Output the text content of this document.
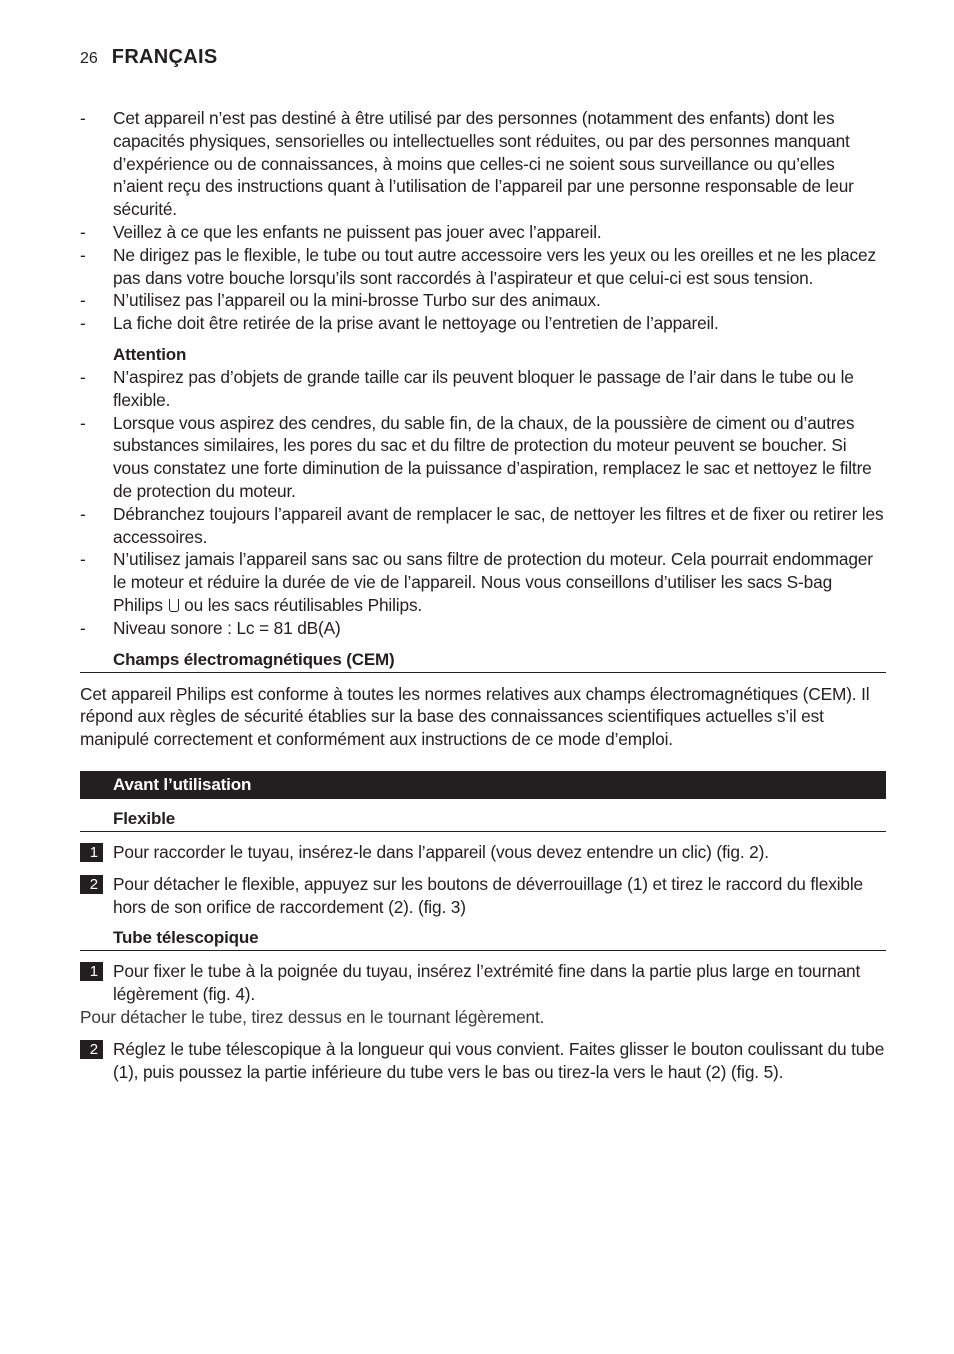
26 FRANÇAIS
- Cet appareil n’est pas destiné à être utilisé par des personnes (notamment des enfants) dont les capacités physiques, sensorielles ou intellectuelles sont réduites, ou par des personnes manquant d’expérience ou de connaissances, à moins que celles-ci ne soient sous surveillance ou qu’elles n’aient reçu des instructions quant à l’utilisation de l’appareil par une personne responsable de leur sécurité.
- Veillez à ce que les enfants ne puissent pas jouer avec l’appareil.
- Ne dirigez pas le flexible, le tube ou tout autre accessoire vers les yeux ou les oreilles et ne les placez pas dans votre bouche lorsqu’ils sont raccordés à l’aspirateur et que celui-ci est sous tension.
- N’utilisez pas l’appareil ou la mini-brosse Turbo sur des animaux.
- La fiche doit être retirée de la prise avant le nettoyage ou l’entretien de l’appareil.
Attention
- N’aspirez pas d’objets de grande taille car ils peuvent bloquer le passage de l’air dans le tube ou le flexible.
- Lorsque vous aspirez des cendres, du sable fin, de la chaux, de la poussière de ciment ou d’autres substances similaires, les pores du sac et du filtre de protection du moteur peuvent se boucher. Si vous constatez une forte diminution de la puissance d’aspiration, remplacez le sac et nettoyez le filtre de protection du moteur.
- Débranchez toujours l’appareil avant de remplacer le sac, de nettoyer les filtres et de fixer ou retirer les accessoires.
- N’utilisez jamais l’appareil sans sac ou sans filtre de protection du moteur. Cela pourrait endommager le moteur et réduire la durée de vie de l’appareil. Nous vous conseillons d’utiliser les sacs S-bag Philips ou les sacs réutilisables Philips.
- Niveau sonore : Lc = 81 dB(A)
Champs électromagnétiques (CEM)
Cet appareil Philips est conforme à toutes les normes relatives aux champs électromagnétiques (CEM). Il répond aux règles de sécurité établies sur la base des connaissances scientifiques actuelles s’il est manipulé correctement et conformément aux instructions de ce mode d’emploi.
Avant l’utilisation
Flexible
1 Pour raccorder le tuyau, insérez-le dans l’appareil (vous devez entendre un clic) (fig. 2).
2 Pour détacher le flexible, appuyez sur les boutons de déverrouillage (1) et tirez le raccord du flexible hors de son orifice de raccordement (2). (fig. 3)
Tube télescopique
1 Pour fixer le tube à la poignée du tuyau, insérez l’extrémité fine dans la partie plus large en tournant légèrement (fig. 4).
Pour détacher le tube, tirez dessus en le tournant légèrement.
2 Réglez le tube télescopique à la longueur qui vous convient. Faites glisser le bouton coulissant du tube (1), puis poussez la partie inférieure du tube vers le bas ou tirez-la vers le haut (2) (fig. 5).
